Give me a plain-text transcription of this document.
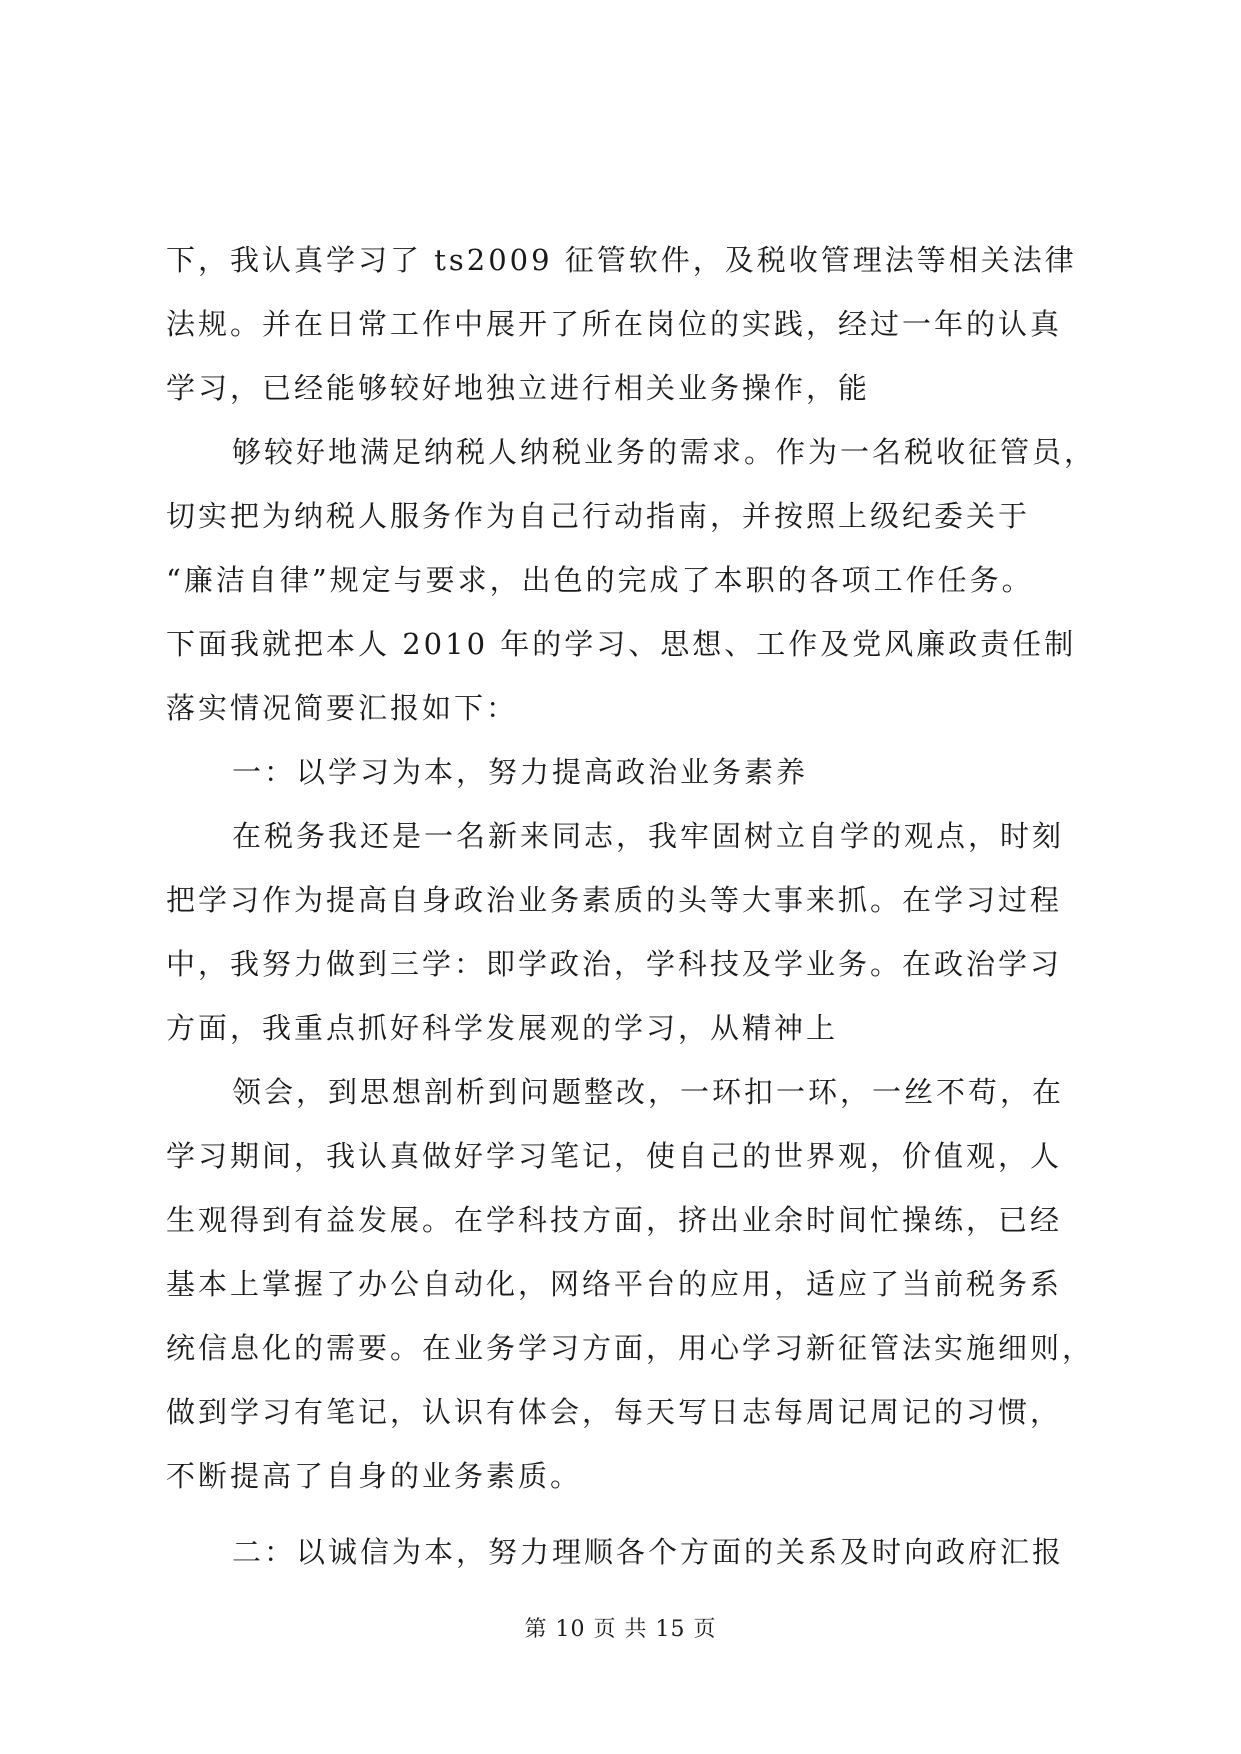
下，我认真学习了 ts2009 征管软件，及税收管理法等相关法律
法规。并在日常工作中展开了所在岗位的实践，经过一年的认真
学习，已经能够较好地独立进行相关业务操作，能
够较好地满足纳税人纳税业务的需求。作为一名税收征管员，
切实把为纳税人服务作为自己行动指南，并按照上级纪委关于
“廉洁自律”规定与要求，出色的完成了本职的各项工作任务。
下面我就把本人 2010 年的学习、思想、工作及党风廉政责任制
落实情况简要汇报如下：
一：以学习为本，努力提高政治业务素养
在税务我还是一名新来同志，我牢固树立自学的观点，时刻
把学习作为提高自身政治业务素质的头等大事来抓。在学习过程
中，我努力做到三学：即学政治，学科技及学业务。在政治学习
方面，我重点抓好科学发展观的学习，从精神上
领会，到思想剖析到问题整改，一环扣一环，一丝不苟，在
学习期间，我认真做好学习笔记，使自己的世界观，价值观，人
生观得到有益发展。在学科技方面，挤出业余时间忙操练，已经
基本上掌握了办公自动化，网络平台的应用，适应了当前税务系
统信息化的需要。在业务学习方面，用心学习新征管法实施细则，
做到学习有笔记，认识有体会，每天写日志每周记周记的习惯，
不断提高了自身的业务素质。
二：以诚信为本，努力理顺各个方面的关系及时向政府汇报
第 10 页 共 15 页
